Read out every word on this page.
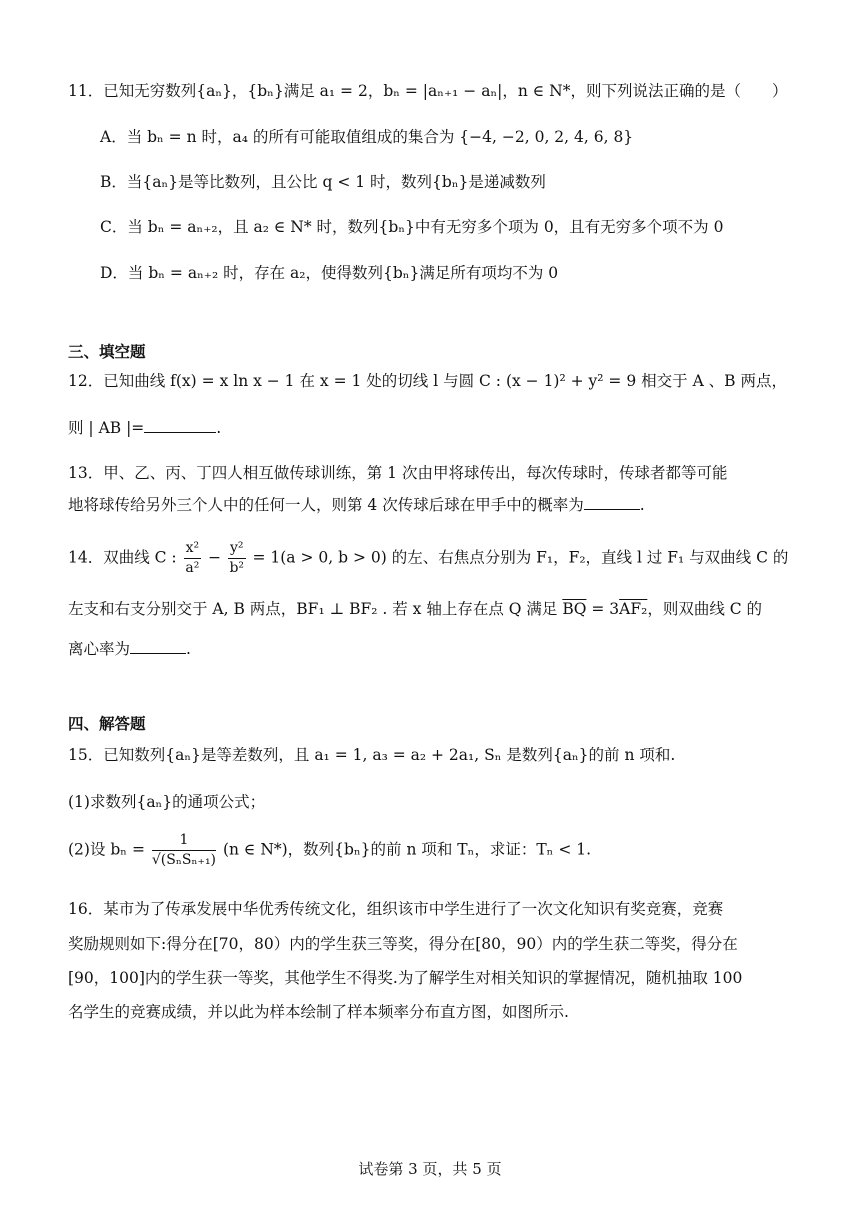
11．已知无穷数列{aₙ}，{bₙ}满足 a₁ = 2，bₙ = |aₙ₊₁ − aₙ|，n ∈ N*，则下列说法正确的是（　　）
A．当 bₙ = n 时，a₄ 的所有可能取值组成的集合为 {−4, −2, 0, 2, 4, 6, 8}
B．当{aₙ}是等比数列，且公比 q < 1 时，数列{bₙ}是递减数列
C．当 bₙ = aₙ₊₂，且 a₂ ∈ N* 时，数列{bₙ}中有无穷多个项为 0，且有无穷多个项不为 0
D．当 bₙ = aₙ₊₂ 时，存在 a₂，使得数列{bₙ}满足所有项均不为 0
三、填空题
12．已知曲线 f(x) = x ln x − 1 在 x = 1 处的切线 l 与圆 C : (x − 1)² + y² = 9 相交于 A 、B 两点，
则 | AB |=	.
13．甲、乙、丙、丁四人相互做传球训练，第 1 次由甲将球传出，每次传球时，传球者都等可能
地将球传给另外三个人中的任何一人，则第 4 次传球后球在甲手中的概率为	.
14．双曲线 C : $\frac{\text{x²}}{\text{a²}} - \frac{\text{y²}}{\text{b²}} = 1(a > 0$, b > 0) 的左、右焦点分别为 F₁，F₂，直线 l 过 F₁ 与双曲线 C 的
左支和右支分别交于 A, B 两点，BF₁ ⊥ BF₂ . 若 x 轴上存在点 Q 满足 $\overline{BQ} = 3AF_2$，则双曲线 C 的
离心率为	.
四、解答题
15．已知数列{aₙ}是等差数列，且 a₁ = 1, a₃ = a₂ + 2a₁, Sₙ 是数列{aₙ}的前 n 项和.
(1)求数列{aₙ}的通项公式；
(2)设 $b_n = \frac{1}{\text{√(SₙSₙ₊₁)}} (n$ ∈ N*)，数列{bₙ}的前 n 项和 Tₙ，求证：Tₙ < 1.
16．某市为了传承发展中华优秀传统文化，组织该市中学生进行了一次文化知识有奖竞赛，竞赛
奖励规则如下:得分在[70，80）内的学生获三等奖，得分在[80，90）内的学生获二等奖，得分在
[90，100]内的学生获一等奖，其他学生不得奖.为了解学生对相关知识的掌握情况，随机抽取 100
名学生的竞赛成绩，并以此为样本绘制了样本频率分布直方图，如图所示.
试卷第 3 页，共 5 页
